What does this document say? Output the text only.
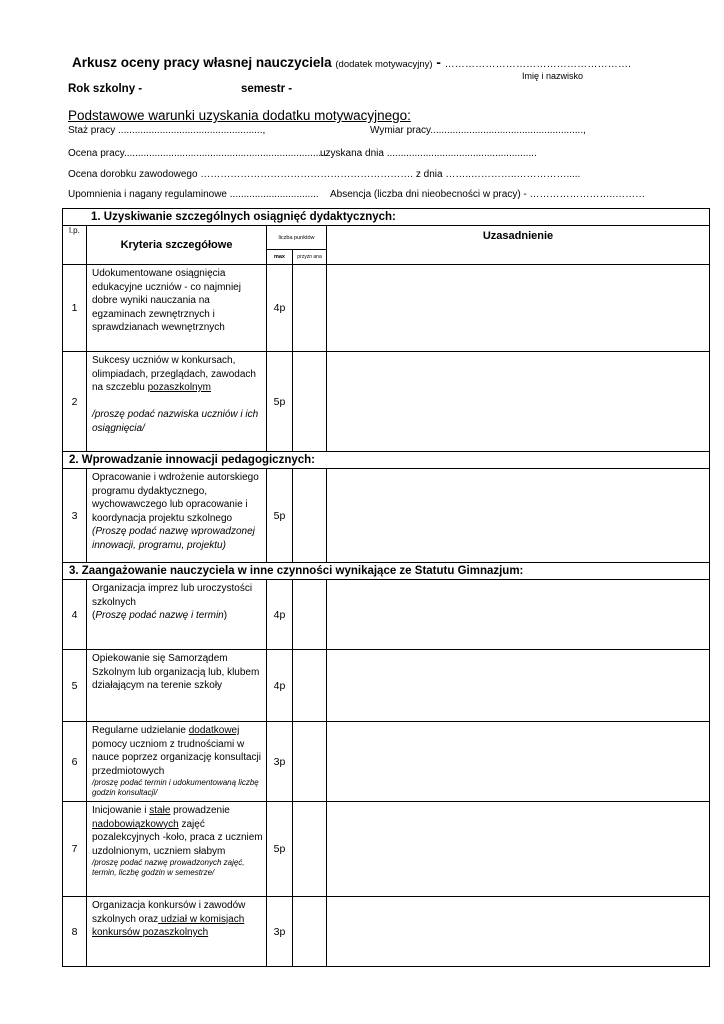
Arkusz oceny pracy własnej nauczyciela (dodatek motywacyjny) - ……………………………………………….
Imię i nazwisko
Rok szkolny -	semestr -
Podstawowe warunki uzyskania dodatku motywacyjnego:
Staż pracy ....................................................,	Wymiar pracy.......................................................,
Ocena pracy.........................................................................
uzyskana dnia ......................................................
Ocena dorobku zawodowego ………………………………………………………. z dnia ……..…………..…………….....
Upomnienia i nagany regulaminowe ................................ Absencja (liczba dni nieobecności w pracy) - ……………………..………
1. Uzyskiwanie szczególnych osiągnięć dydaktycznych:				
l.p.	Kryteria szczegółowe	liczba punktów		Uzasadnienie
		max	przyzn ana	
1	Udokumentowane osiągnięcia edukacyjne uczniów - co najmniej dobre wyniki nauczania na egzaminach zewnętrznych i sprawdzianach wewnętrznych	4p		
2	Sukcesy uczniów w konkursach, olimpiadach, przeglądach, zawodach na szczeblu pozaszkolnym

/proszę podać nazwiska uczniów i ich osiągnięcia/	5p		
2. Wprowadzanie innowacji pedagogicznych:				
3	Opracowanie i wdrożenie autorskiego programu dydaktycznego, wychowawczego lub opracowanie i koordynacja projektu szkolnego
(Proszę podać nazwę wprowadzonej innowacji, programu, projektu)	5p		
3. Zaangażowanie nauczyciela w inne czynności wynikające ze Statutu Gimnazjum:				
4	Organizacja imprez lub uroczystości szkolnych
(Proszę podać nazwę i termin)	4p		
5	Opiekowanie się Samorządem Szkolnym lub organizacją lub, klubem działającym na terenie szkoły	4p		
6	Regularne udzielanie dodatkowej pomocy uczniom z trudnościami w nauce poprzez organizację konsultacji przedmiotowych
/proszę podać termin i udokumentowaną liczbę godzin konsultacji/	3p		
7	Inicjowanie i stałe prowadzenie nadobowiązkowych zajęć pozalekcyjnych -koło, praca z uczniem uzdolnionym, uczniem słabym
/proszę podać nazwę prowadzonych zajęć, termin, liczbę godzin w semestrze/	5p		
8	Organizacja konkursów i zawodów szkolnych oraz udział w komisjach konkursów pozaszkolnych	3p		
